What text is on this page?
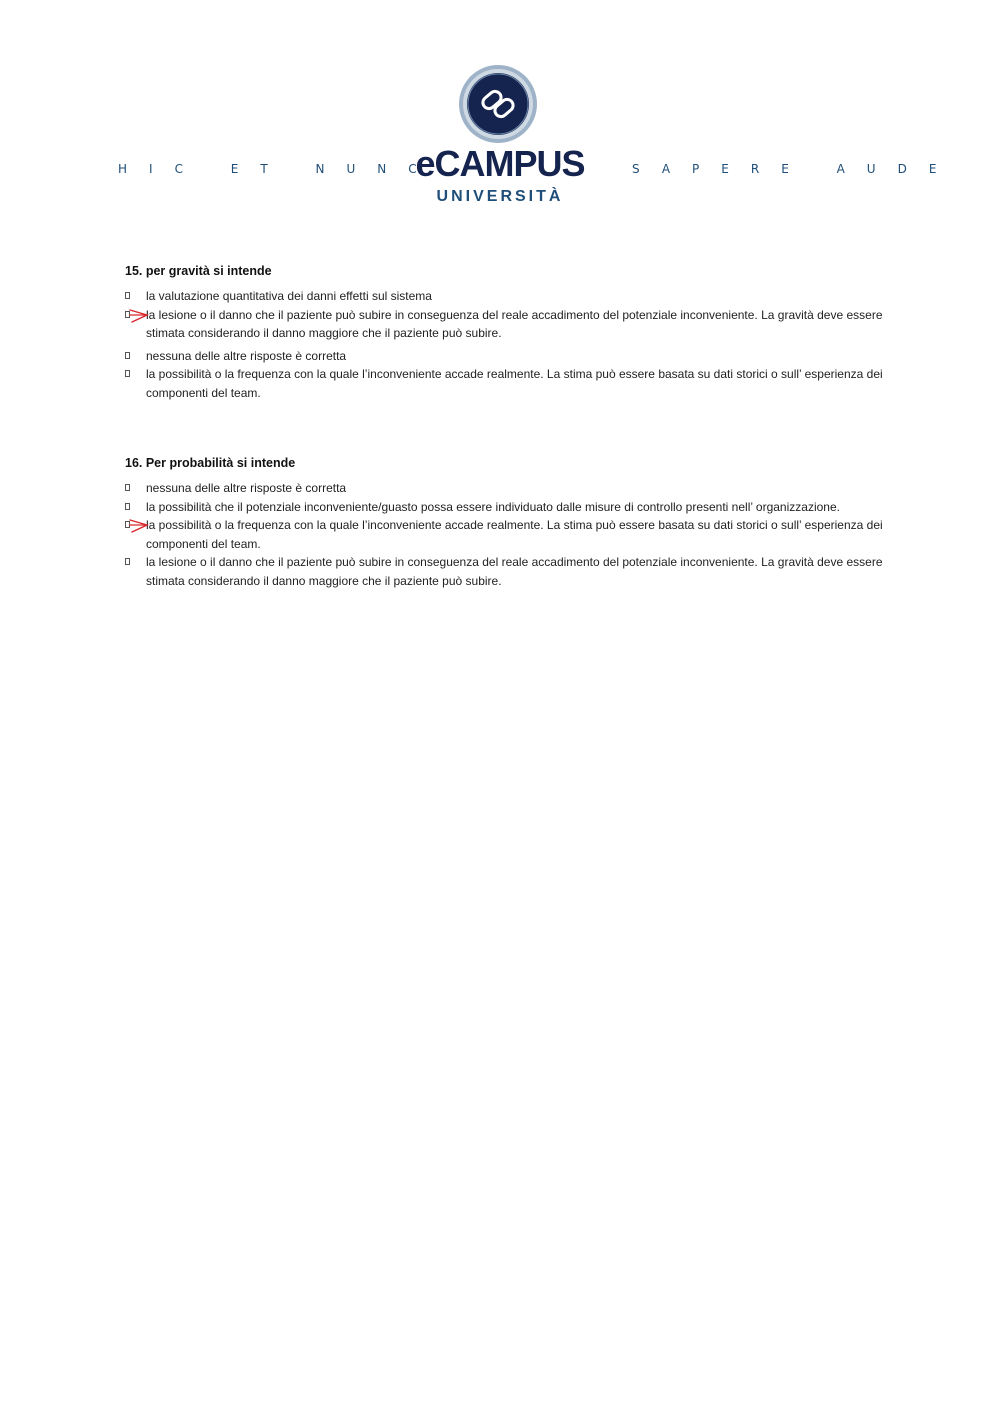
HIC ET NUNC
eCAMPUS
UNIVERSITÀ
SAPERE AUDE

15. per gravità si intende

la valutazione quantitativa dei danni effetti sul sistema
la lesione o il danno che il paziente può subire in conseguenza del reale accadimento del potenziale inconveniente. La gravità deve essere stimata considerando il danno maggiore che il paziente può subire.
nessuna delle altre risposte è corretta
la possibilità o la frequenza con la quale l’inconveniente accade realmente. La stima può essere basata su dati storici o sull’ esperienza dei componenti del team.

16. Per probabilità si intende

nessuna delle altre risposte è corretta
la possibilità che il potenziale inconveniente/guasto possa essere individuato dalle misure di controllo presenti nell’ organizzazione.
la possibilità o la frequenza con la quale l’inconveniente accade realmente. La stima può essere basata su dati storici o sull’ esperienza dei componenti del team.
la lesione o il danno che il paziente può subire in conseguenza del reale accadimento del potenziale inconveniente. La gravità deve essere stimata considerando il danno maggiore che il paziente può subire.
